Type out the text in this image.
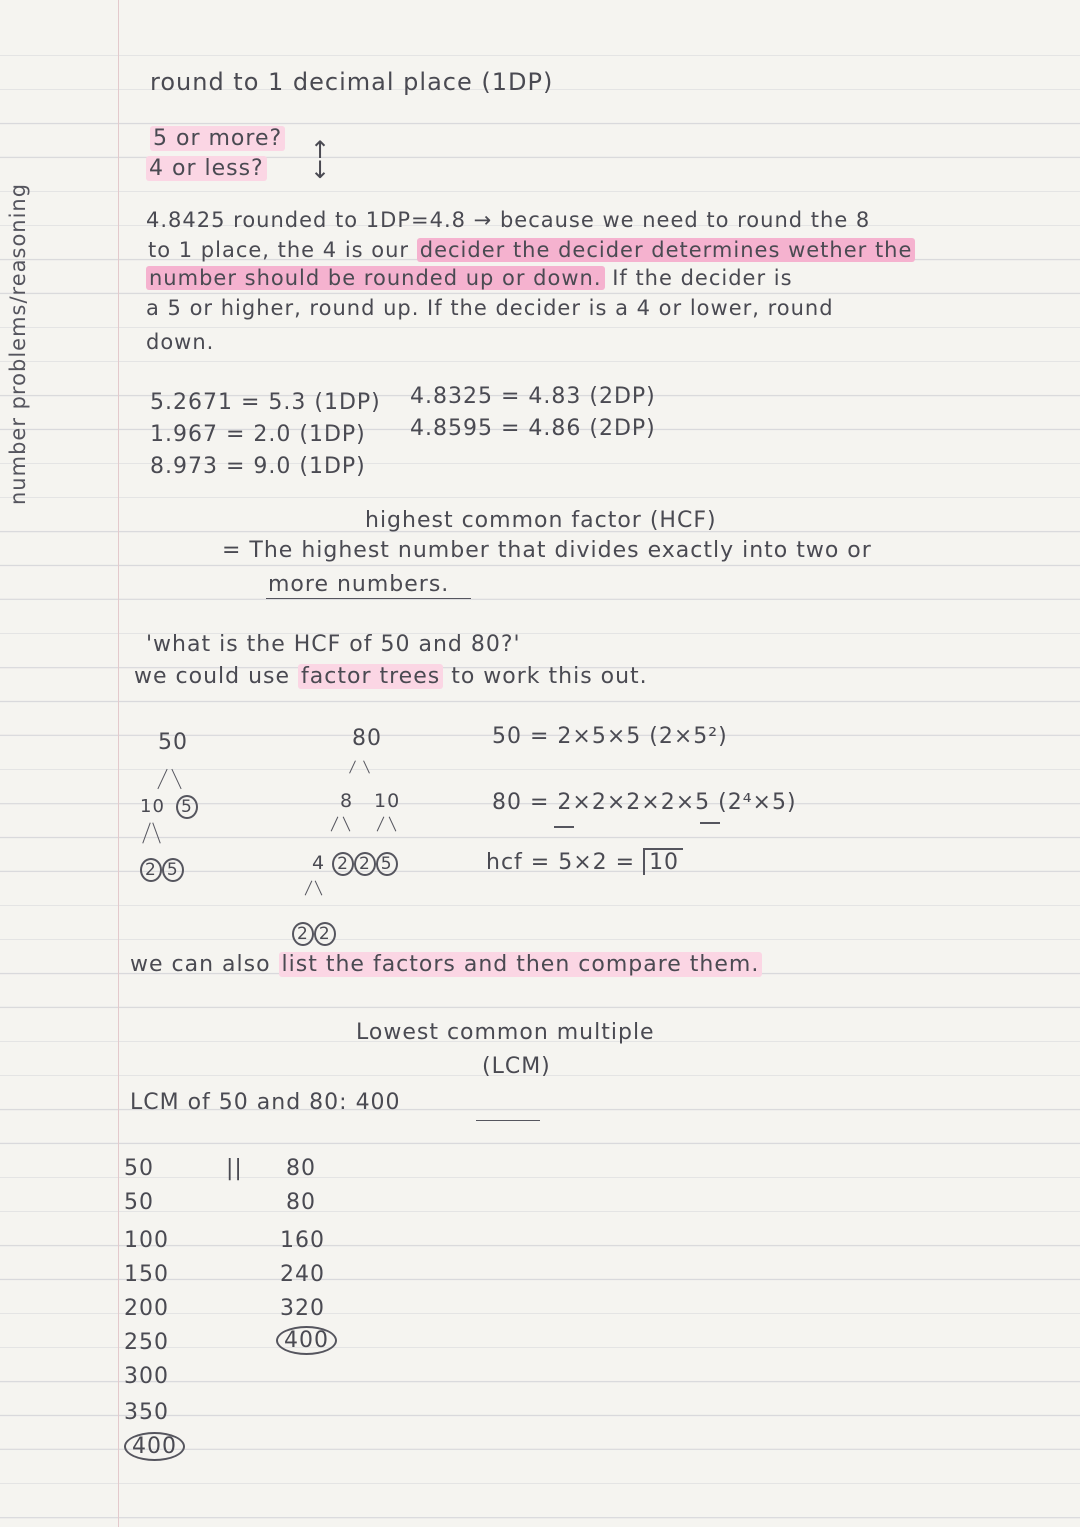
number problems/reasoning
round to 1 decimal place (1DP)
5 or more?
4 or less?
↑
↓
4.8425 rounded to 1DP=4.8 → because we need to round the 8
to 1 place, the 4 is our decider the decider determines wether the
number should be rounded up or down. If the decider is
a 5 or higher, round up. If the decider is a 4 or lower, round
down.
5.2671 = 5.3 (1DP)
1.967 = 2.0 (1DP)
8.973 = 9.0 (1DP)
4.8325 = 4.83 (2DP)
4.8595 = 4.86 (2DP)
highest common factor (HCF)
= The highest number that divides exactly into two or
more numbers.
'what is the HCF of 50 and 80?'
we could use factor trees to work this out.
50
10 5
2 5
80
8 10
4 2 2 5
2 2
50 = 2×5×5 (2×5²)
80 = 2×2×2×2×5 (2⁴×5)
hcf = 5×2 = 10
we can also list the factors and then compare them.
Lowest common multiple
(LCM)
LCM of 50 and 80: 400
50	|| 80
50
100
150
200
250
300
350
400
80
160
240
320
400
